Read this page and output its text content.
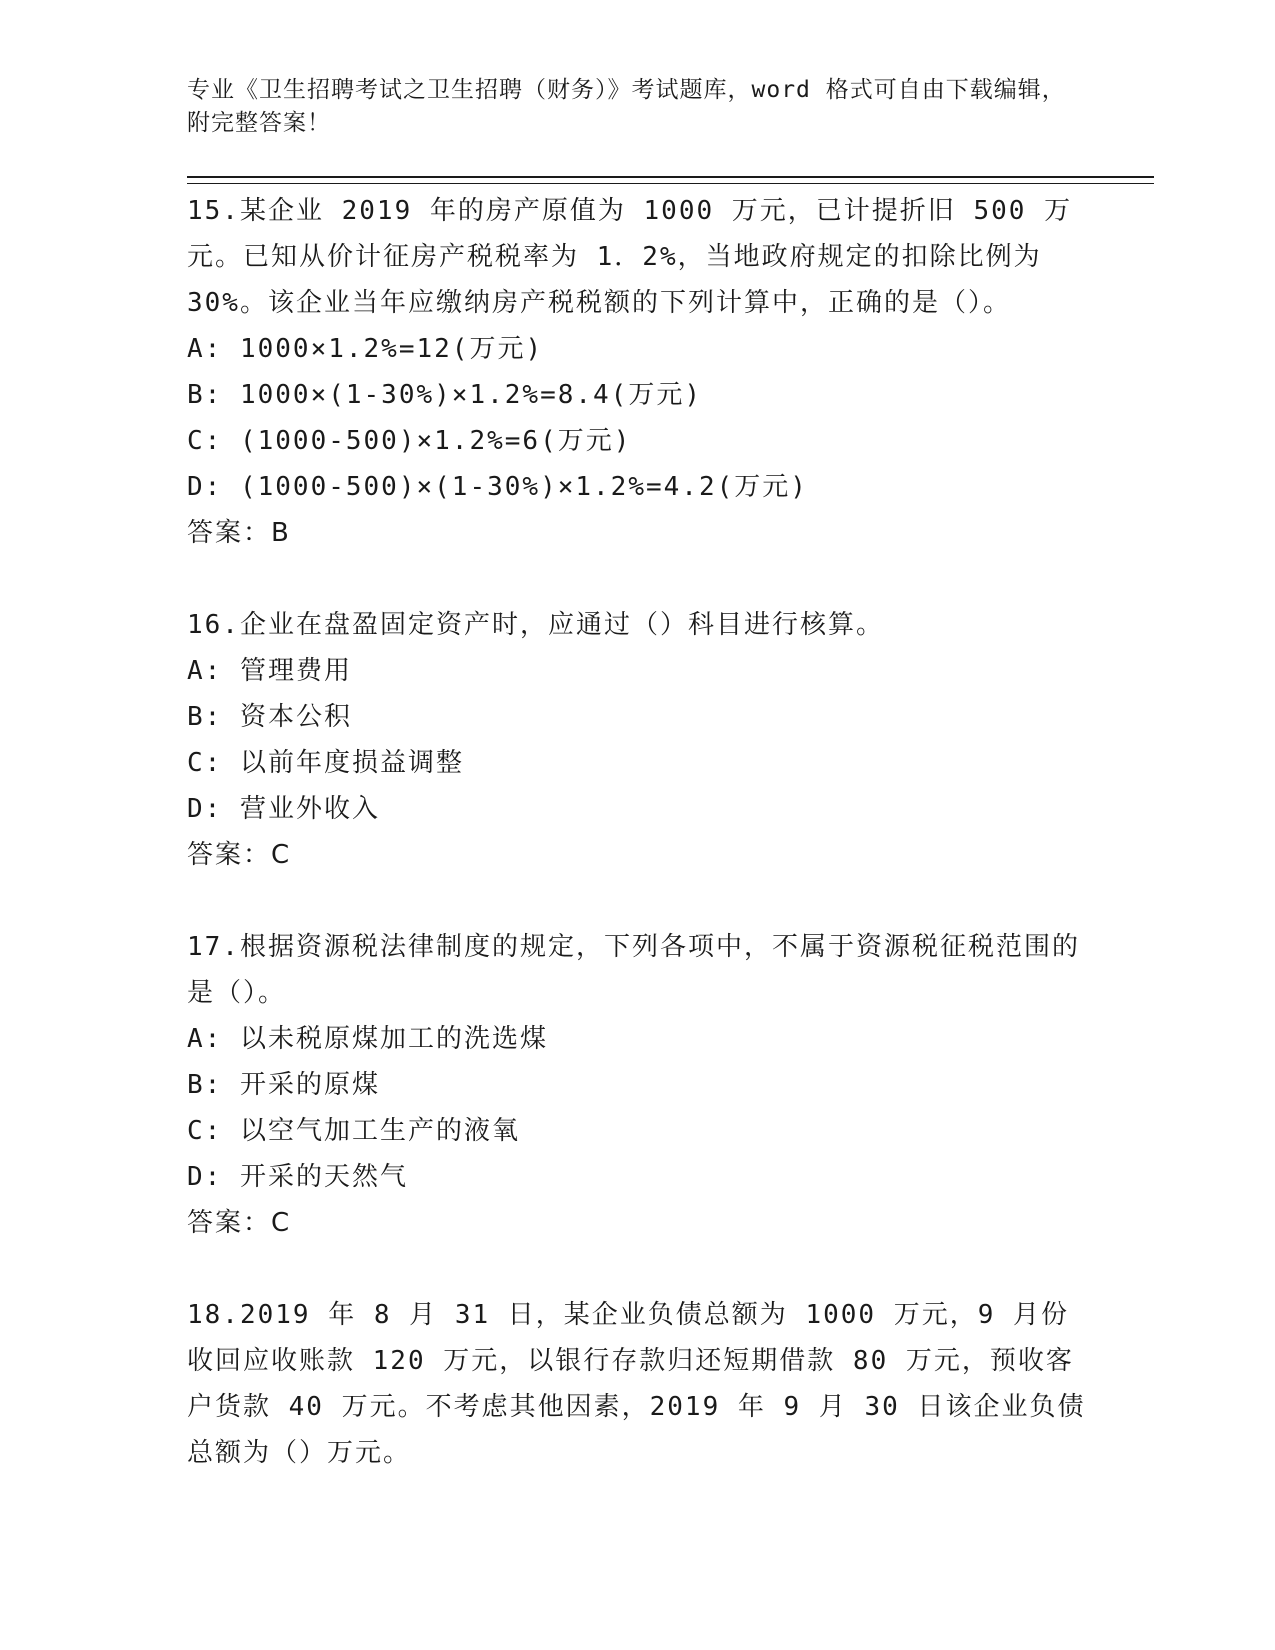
专业《卫生招聘考试之卫生招聘（财务）》考试题库，word 格式可自由下载编辑，附完整答案！

15.某企业 2019 年的房产原值为 1000 万元，已计提折旧 500 万元。已知从价计征房产税税率为 1．2%，当地政府规定的扣除比例为 30%。该企业当年应缴纳房产税税额的下列计算中，正确的是（）。

A: 1000×1.2%=12(万元)

B: 1000×(1-30%)×1.2%=8.4(万元)

C: (1000-500)×1.2%=6(万元)

D: (1000-500)×(1-30%)×1.2%=4.2(万元)

答案：B

16.企业在盘盈固定资产时，应通过（）科目进行核算。

A: 管理费用

B: 资本公积

C: 以前年度损益调整

D: 营业外收入

答案：C

17.根据资源税法律制度的规定，下列各项中，不属于资源税征税范围的是（）。

A: 以未税原煤加工的洗选煤

B: 开采的原煤

C: 以空气加工生产的液氧

D: 开采的天然气

答案：C

18.2019 年 8 月 31 日，某企业负债总额为 1000 万元，9 月份收回应收账款 120 万元，以银行存款归还短期借款 80 万元，预收客户货款 40 万元。不考虑其他因素，2019 年 9 月 30 日该企业负债总额为（）万元。
